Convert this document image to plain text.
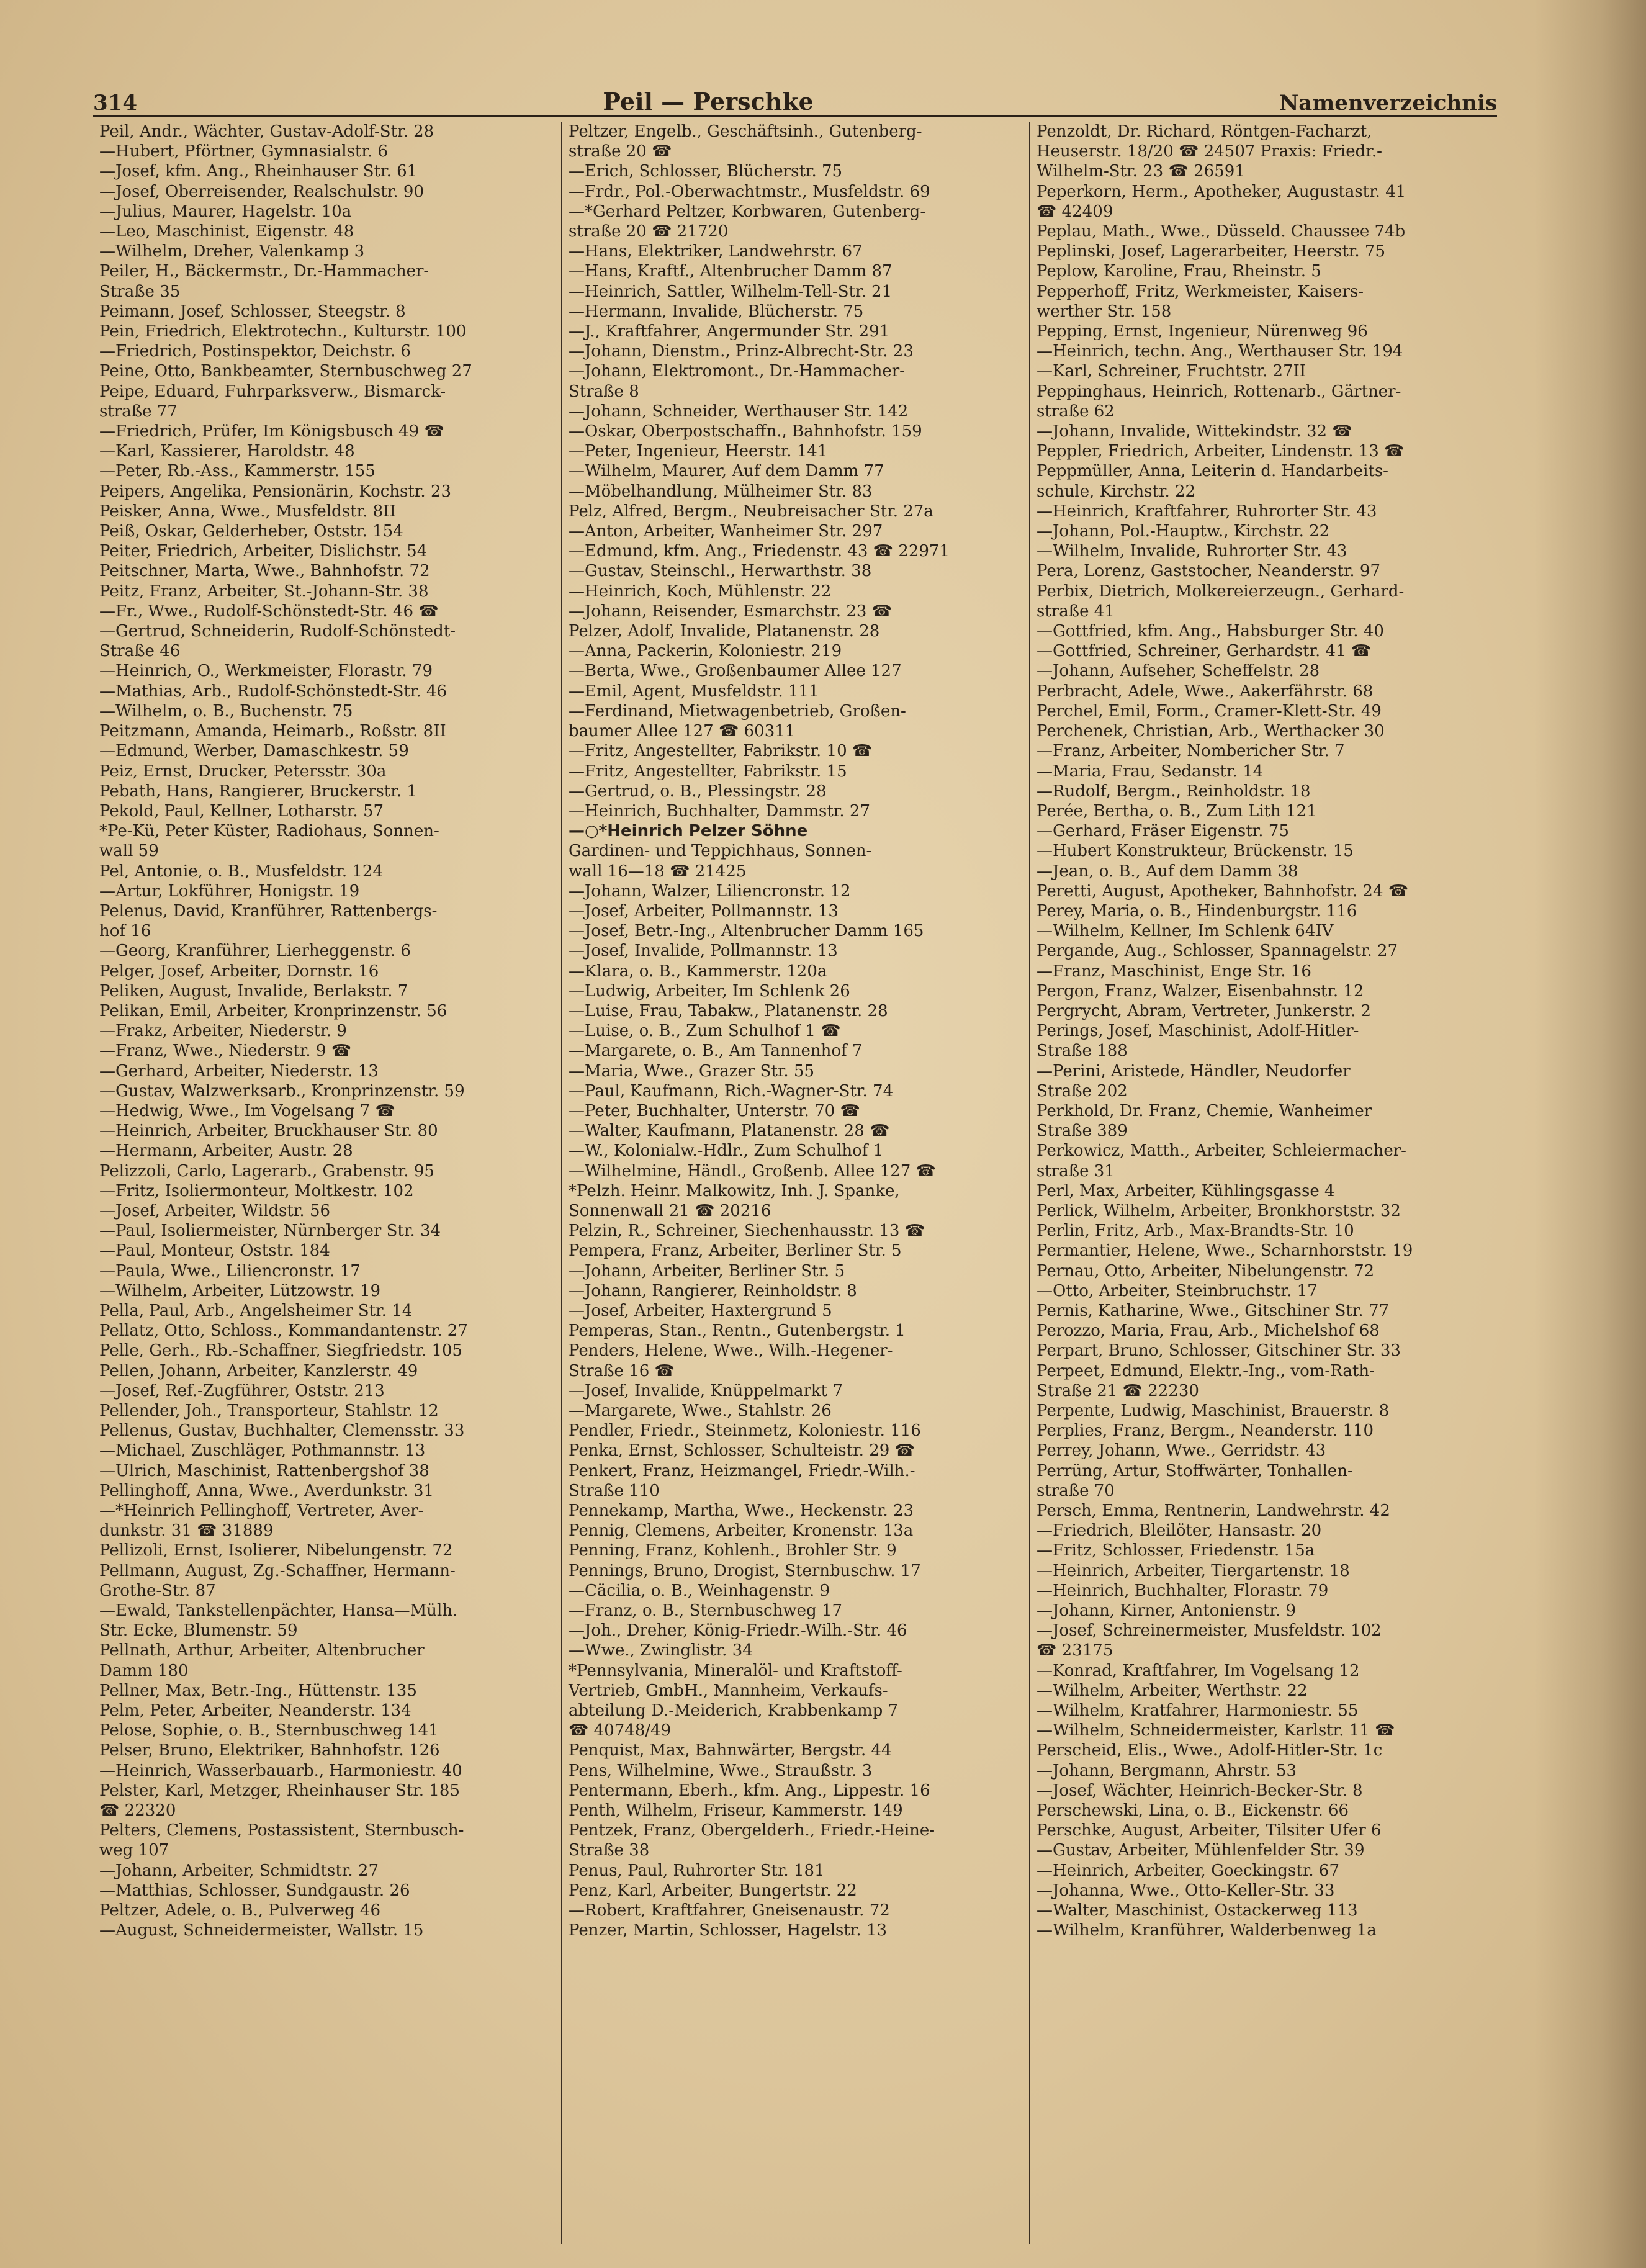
314	Peil — Perschke	Namenverzeichnis

Peil, Andr., Wächter, Gustav-Adolf-Str. 28

—Hubert, Pförtner, Gymnasialstr. 6

—Josef, kfm. Ang., Rheinhauser Str. 61

—Josef, Oberreisender, Realschulstr. 90

—Julius, Maurer, Hagelstr. 10a

—Leo, Maschinist, Eigenstr. 48

—Wilhelm, Dreher, Valenkamp 3

Peiler, H., Bäckermstr., Dr.-Hammacher-

Straße 35

Peimann, Josef, Schlosser, Steegstr. 8

Pein, Friedrich, Elektrotechn., Kulturstr. 100

—Friedrich, Postinspektor, Deichstr. 6

Peine, Otto, Bankbeamter, Sternbuschweg 27

Peipe, Eduard, Fuhrparksverw., Bismarck-

straße 77

—Friedrich, Prüfer, Im Königsbusch 49 ☎

—Karl, Kassierer, Haroldstr. 48

—Peter, Rb.-Ass., Kammerstr. 155

Peipers, Angelika, Pensionärin, Kochstr. 23

Peisker, Anna, Wwe., Musfeldstr. 8II

Peiß, Oskar, Gelderheber, Oststr. 154

Peiter, Friedrich, Arbeiter, Dislichstr. 54

Peitschner, Marta, Wwe., Bahnhofstr. 72

Peitz, Franz, Arbeiter, St.-Johann-Str. 38

—Fr., Wwe., Rudolf-Schönstedt-Str. 46 ☎

—Gertrud, Schneiderin, Rudolf-Schönstedt-

Straße 46

—Heinrich, O., Werkmeister, Florastr. 79

—Mathias, Arb., Rudolf-Schönstedt-Str. 46

—Wilhelm, o. B., Buchenstr. 75

Peitzmann, Amanda, Heimarb., Roßstr. 8II

—Edmund, Werber, Damaschkestr. 59

Peiz, Ernst, Drucker, Petersstr. 30a

Pebath, Hans, Rangierer, Bruckerstr. 1

Pekold, Paul, Kellner, Lotharstr. 57

*Pe-Kü, Peter Küster, Radiohaus, Sonnen-

wall 59

Pel, Antonie, o. B., Musfeldstr. 124

—Artur, Lokführer, Honigstr. 19

Pelenus, David, Kranführer, Rattenbergs-

hof 16

—Georg, Kranführer, Lierheggenstr. 6

Pelger, Josef, Arbeiter, Dornstr. 16

Peliken, August, Invalide, Berlakstr. 7

Pelikan, Emil, Arbeiter, Kronprinzenstr. 56

—Frakz, Arbeiter, Niederstr. 9

—Franz, Wwe., Niederstr. 9 ☎

—Gerhard, Arbeiter, Niederstr. 13

—Gustav, Walzwerksarb., Kronprinzenstr. 59

—Hedwig, Wwe., Im Vogelsang 7 ☎

—Heinrich, Arbeiter, Bruckhauser Str. 80

—Hermann, Arbeiter, Austr. 28

Pelizzoli, Carlo, Lagerarb., Grabenstr. 95

—Fritz, Isoliermonteur, Moltkestr. 102

—Josef, Arbeiter, Wildstr. 56

—Paul, Isoliermeister, Nürnberger Str. 34

—Paul, Monteur, Oststr. 184

—Paula, Wwe., Liliencronstr. 17

—Wilhelm, Arbeiter, Lützowstr. 19

Pella, Paul, Arb., Angelsheimer Str. 14

Pellatz, Otto, Schloss., Kommandantenstr. 27

Pelle, Gerh., Rb.-Schaffner, Siegfriedstr. 105

Pellen, Johann, Arbeiter, Kanzlerstr. 49

—Josef, Ref.-Zugführer, Oststr. 213

Pellender, Joh., Transporteur, Stahlstr. 12

Pellenus, Gustav, Buchhalter, Clemensstr. 33

—Michael, Zuschläger, Pothmannstr. 13

—Ulrich, Maschinist, Rattenbergshof 38

Pellinghoff, Anna, Wwe., Averdunkstr. 31

—*Heinrich Pellinghoff, Vertreter, Aver-

dunkstr. 31 ☎ 31889

Pellizoli, Ernst, Isolierer, Nibelungenstr. 72

Pellmann, August, Zg.-Schaffner, Hermann-

Grothe-Str. 87

—Ewald, Tankstellenpächter, Hansa—Mülh.

Str. Ecke, Blumenstr. 59

Pellnath, Arthur, Arbeiter, Altenbrucher

Damm 180

Pellner, Max, Betr.-Ing., Hüttenstr. 135

Pelm, Peter, Arbeiter, Neanderstr. 134

Pelose, Sophie, o. B., Sternbuschweg 141

Pelser, Bruno, Elektriker, Bahnhofstr. 126

—Heinrich, Wasserbauarb., Harmoniestr. 40

Pelster, Karl, Metzger, Rheinhauser Str. 185

☎ 22320

Pelters, Clemens, Postassistent, Sternbusch-

weg 107

—Johann, Arbeiter, Schmidtstr. 27

—Matthias, Schlosser, Sundgaustr. 26

Peltzer, Adele, o. B., Pulverweg 46

—August, Schneidermeister, Wallstr. 15

Peltzer, Engelb., Geschäftsinh., Gutenberg-

straße 20 ☎

—Erich, Schlosser, Blücherstr. 75

—Frdr., Pol.-Oberwachtmstr., Musfeldstr. 69

—*Gerhard Peltzer, Korbwaren, Gutenberg-

straße 20 ☎ 21720

—Hans, Elektriker, Landwehrstr. 67

—Hans, Kraftf., Altenbrucher Damm 87

—Heinrich, Sattler, Wilhelm-Tell-Str. 21

—Hermann, Invalide, Blücherstr. 75

—J., Kraftfahrer, Angermunder Str. 291

—Johann, Dienstm., Prinz-Albrecht-Str. 23

—Johann, Elektromont., Dr.-Hammacher-

Straße 8

—Johann, Schneider, Werthauser Str. 142

—Oskar, Oberpostschaffn., Bahnhofstr. 159

—Peter, Ingenieur, Heerstr. 141

—Wilhelm, Maurer, Auf dem Damm 77

—Möbelhandlung, Mülheimer Str. 83

Pelz, Alfred, Bergm., Neubreisacher Str. 27a

—Anton, Arbeiter, Wanheimer Str. 297

—Edmund, kfm. Ang., Friedenstr. 43 ☎ 22971

—Gustav, Steinschl., Herwarthstr. 38

—Heinrich, Koch, Mühlenstr. 22

—Johann, Reisender, Esmarchstr. 23 ☎

Pelzer, Adolf, Invalide, Platanenstr. 28

—Anna, Packerin, Koloniestr. 219

—Berta, Wwe., Großenbaumer Allee 127

—Emil, Agent, Musfeldstr. 111

—Ferdinand, Mietwagenbetrieb, Großen-

baumer Allee 127 ☎ 60311

—Fritz, Angestellter, Fabrikstr. 10 ☎

—Fritz, Angestellter, Fabrikstr. 15

—Gertrud, o. B., Plessingstr. 28

—Heinrich, Buchhalter, Dammstr. 27

—○*Heinrich Pelzer Söhne

Gardinen- und Teppichhaus, Sonnen-

wall 16—18 ☎ 21425

—Johann, Walzer, Liliencronstr. 12

—Josef, Arbeiter, Pollmannstr. 13

—Josef, Betr.-Ing., Altenbrucher Damm 165

—Josef, Invalide, Pollmannstr. 13

—Klara, o. B., Kammerstr. 120a

—Ludwig, Arbeiter, Im Schlenk 26

—Luise, Frau, Tabakw., Platanenstr. 28

—Luise, o. B., Zum Schulhof 1 ☎

—Margarete, o. B., Am Tannenhof 7

—Maria, Wwe., Grazer Str. 55

—Paul, Kaufmann, Rich.-Wagner-Str. 74

—Peter, Buchhalter, Unterstr. 70 ☎

—Walter, Kaufmann, Platanenstr. 28 ☎

—W., Kolonialw.-Hdlr., Zum Schulhof 1

—Wilhelmine, Händl., Großenb. Allee 127 ☎

*Pelzh. Heinr. Malkowitz, Inh. J. Spanke,

Sonnenwall 21 ☎ 20216

Pelzin, R., Schreiner, Siechenhausstr. 13 ☎

Pempera, Franz, Arbeiter, Berliner Str. 5

—Johann, Arbeiter, Berliner Str. 5

—Johann, Rangierer, Reinholdstr. 8

—Josef, Arbeiter, Haxtergrund 5

Pemperas, Stan., Rentn., Gutenbergstr. 1

Penders, Helene, Wwe., Wilh.-Hegener-

Straße 16 ☎

—Josef, Invalide, Knüppelmarkt 7

—Margarete, Wwe., Stahlstr. 26

Pendler, Friedr., Steinmetz, Koloniestr. 116

Penka, Ernst, Schlosser, Schulteistr. 29 ☎

Penkert, Franz, Heizmangel, Friedr.-Wilh.-

Straße 110

Pennekamp, Martha, Wwe., Heckenstr. 23

Pennig, Clemens, Arbeiter, Kronenstr. 13a

Penning, Franz, Kohlenh., Brohler Str. 9

Pennings, Bruno, Drogist, Sternbuschw. 17

—Cäcilia, o. B., Weinhagenstr. 9

—Franz, o. B., Sternbuschweg 17

—Joh., Dreher, König-Friedr.-Wilh.-Str. 46

—Wwe., Zwinglistr. 34

*Pennsylvania, Mineralöl- und Kraftstoff-

Vertrieb, GmbH., Mannheim, Verkaufs-

abteilung D.-Meiderich, Krabbenkamp 7

☎ 40748/49

Penquist, Max, Bahnwärter, Bergstr. 44

Pens, Wilhelmine, Wwe., Straußstr. 3

Pentermann, Eberh., kfm. Ang., Lippestr. 16

Penth, Wilhelm, Friseur, Kammerstr. 149

Pentzek, Franz, Obergelderh., Friedr.-Heine-

Straße 38

Penus, Paul, Ruhrorter Str. 181

Penz, Karl, Arbeiter, Bungertstr. 22

—Robert, Kraftfahrer, Gneisenaustr. 72

Penzer, Martin, Schlosser, Hagelstr. 13

Penzoldt, Dr. Richard, Röntgen-Facharzt,

Heuserstr. 18/20 ☎ 24507 Praxis: Friedr.-

Wilhelm-Str. 23 ☎ 26591

Peperkorn, Herm., Apotheker, Augustastr. 41

☎ 42409

Peplau, Math., Wwe., Düsseld. Chaussee 74b

Peplinski, Josef, Lagerarbeiter, Heerstr. 75

Peplow, Karoline, Frau, Rheinstr. 5

Pepperhoff, Fritz, Werkmeister, Kaisers-

werther Str. 158

Pepping, Ernst, Ingenieur, Nürenweg 96

—Heinrich, techn. Ang., Werthauser Str. 194

—Karl, Schreiner, Fruchtstr. 27II

Peppinghaus, Heinrich, Rottenarb., Gärtner-

straße 62

—Johann, Invalide, Wittekindstr. 32 ☎

Peppler, Friedrich, Arbeiter, Lindenstr. 13 ☎

Peppmüller, Anna, Leiterin d. Handarbeits-

schule, Kirchstr. 22

—Heinrich, Kraftfahrer, Ruhrorter Str. 43

—Johann, Pol.-Hauptw., Kirchstr. 22

—Wilhelm, Invalide, Ruhrorter Str. 43

Pera, Lorenz, Gaststocher, Neanderstr. 97

Perbix, Dietrich, Molkereierzeugn., Gerhard-

straße 41

—Gottfried, kfm. Ang., Habsburger Str. 40

—Gottfried, Schreiner, Gerhardstr. 41 ☎

—Johann, Aufseher, Scheffelstr. 28

Perbracht, Adele, Wwe., Aakerfährstr. 68

Perchel, Emil, Form., Cramer-Klett-Str. 49

Perchenek, Christian, Arb., Werthacker 30

—Franz, Arbeiter, Nombericher Str. 7

—Maria, Frau, Sedanstr. 14

—Rudolf, Bergm., Reinholdstr. 18

Perée, Bertha, o. B., Zum Lith 121

—Gerhard, Fräser Eigenstr. 75

—Hubert Konstrukteur, Brückenstr. 15

—Jean, o. B., Auf dem Damm 38

Peretti, August, Apotheker, Bahnhofstr. 24 ☎

Perey, Maria, o. B., Hindenburgstr. 116

—Wilhelm, Kellner, Im Schlenk 64IV

Pergande, Aug., Schlosser, Spannagelstr. 27

—Franz, Maschinist, Enge Str. 16

Pergon, Franz, Walzer, Eisenbahnstr. 12

Pergrycht, Abram, Vertreter, Junkerstr. 2

Perings, Josef, Maschinist, Adolf-Hitler-

Straße 188

—Perini, Aristede, Händler, Neudorfer

Straße 202

Perkhold, Dr. Franz, Chemie, Wanheimer

Straße 389

Perkowicz, Matth., Arbeiter, Schleiermacher-

straße 31

Perl, Max, Arbeiter, Kühlingsgasse 4

Perlick, Wilhelm, Arbeiter, Bronkhorststr. 32

Perlin, Fritz, Arb., Max-Brandts-Str. 10

Permantier, Helene, Wwe., Scharnhorststr. 19

Pernau, Otto, Arbeiter, Nibelungenstr. 72

—Otto, Arbeiter, Steinbruchstr. 17

Pernis, Katharine, Wwe., Gitschiner Str. 77

Perozzo, Maria, Frau, Arb., Michelshof 68

Perpart, Bruno, Schlosser, Gitschiner Str. 33

Perpeet, Edmund, Elektr.-Ing., vom-Rath-

Straße 21 ☎ 22230

Perpente, Ludwig, Maschinist, Brauerstr. 8

Perplies, Franz, Bergm., Neanderstr. 110

Perrey, Johann, Wwe., Gerridstr. 43

Perrüng, Artur, Stoffwärter, Tonhallen-

straße 70

Persch, Emma, Rentnerin, Landwehrstr. 42

—Friedrich, Bleilöter, Hansastr. 20

—Fritz, Schlosser, Friedenstr. 15a

—Heinrich, Arbeiter, Tiergartenstr. 18

—Heinrich, Buchhalter, Florastr. 79

—Johann, Kirner, Antonienstr. 9

—Josef, Schreinermeister, Musfeldstr. 102

☎ 23175

—Konrad, Kraftfahrer, Im Vogelsang 12

—Wilhelm, Arbeiter, Werthstr. 22

—Wilhelm, Kratfahrer, Harmoniestr. 55

—Wilhelm, Schneidermeister, Karlstr. 11 ☎

Perscheid, Elis., Wwe., Adolf-Hitler-Str. 1c

—Johann, Bergmann, Ahrstr. 53

—Josef, Wächter, Heinrich-Becker-Str. 8

Perschewski, Lina, o. B., Eickenstr. 66

Perschke, August, Arbeiter, Tilsiter Ufer 6

—Gustav, Arbeiter, Mühlenfelder Str. 39

—Heinrich, Arbeiter, Goeckingstr. 67

—Johanna, Wwe., Otto-Keller-Str. 33

—Walter, Maschinist, Ostackerweg 113

—Wilhelm, Kranführer, Walderbenweg 1a
